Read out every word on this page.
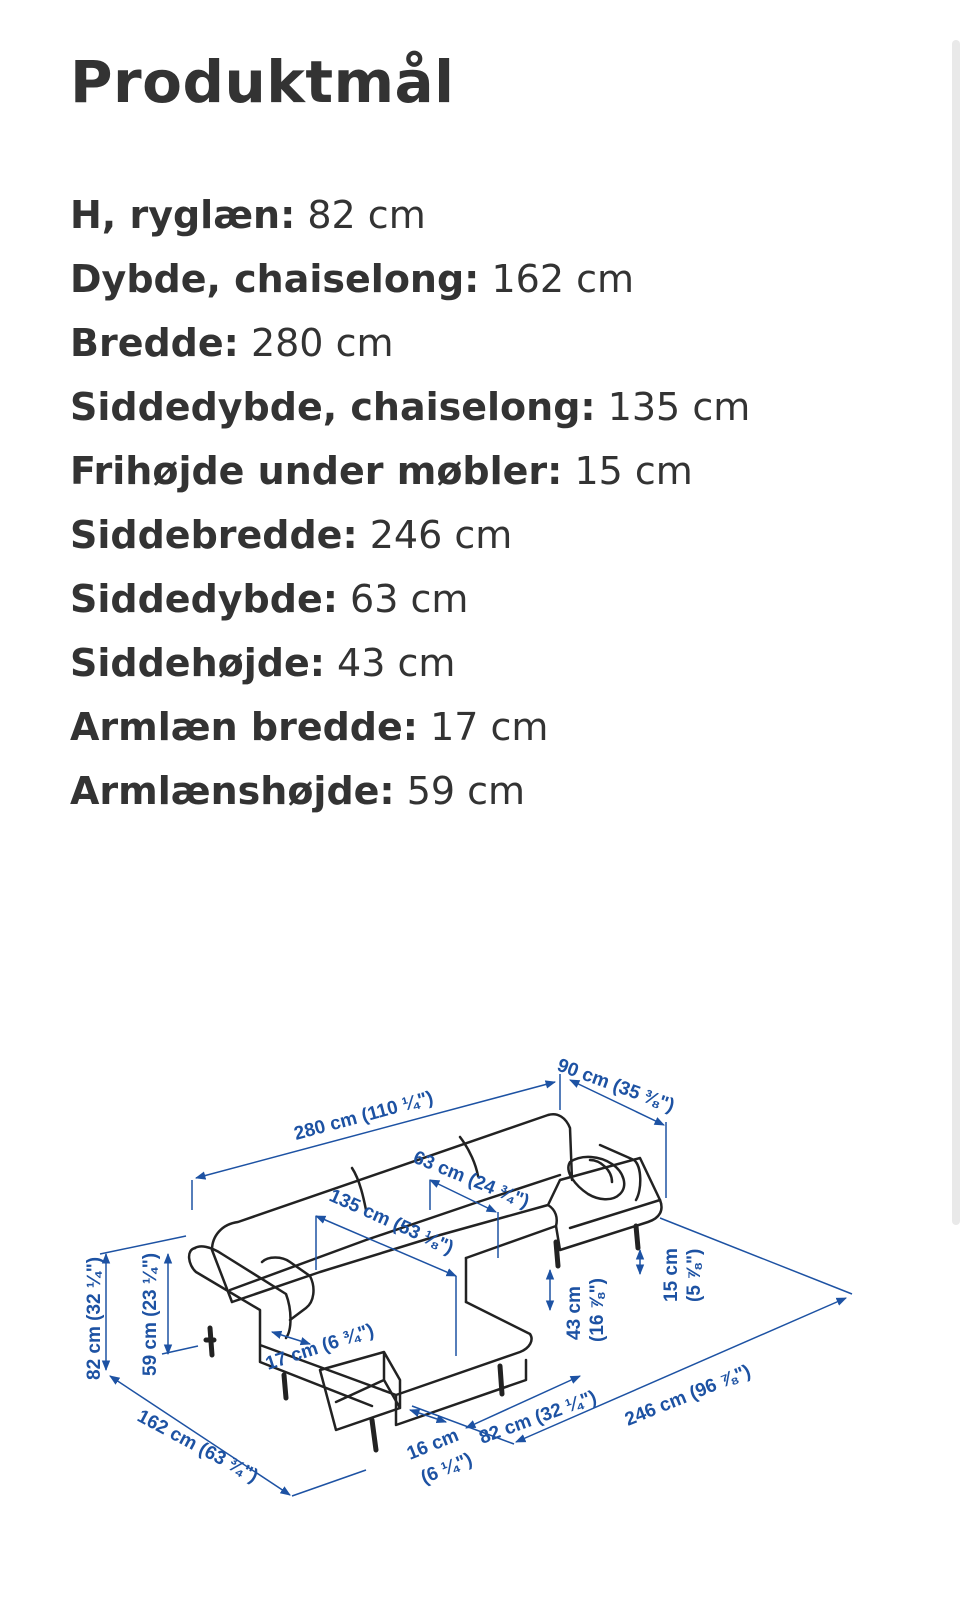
Produktmål
H, ryglæn: 82 cm
Dybde, chaiselong: 162 cm
Bredde: 280 cm
Siddedybde, chaiselong: 135 cm
Frihøjde under møbler: 15 cm
Siddebredde: 246 cm
Siddedybde: 63 cm
Siddehøjde: 43 cm
Armlæn bredde: 17 cm
Armlænshøjde: 59 cm
280 cm (110 ¼")	90 cm (35 ⅜")
63 cm (24 ¾")
135 cm (53 ⅛")
82 cm (32 ¼") 59 cm (23 ¼")	17 cm (6 ¾")
162 cm (63 ¾")
43 cm (16 ⅞")
15 cm (5 ⅞")
246 cm (96 ⅞")
82 cm (32 ¼")
16 cm
(6 ¼")
